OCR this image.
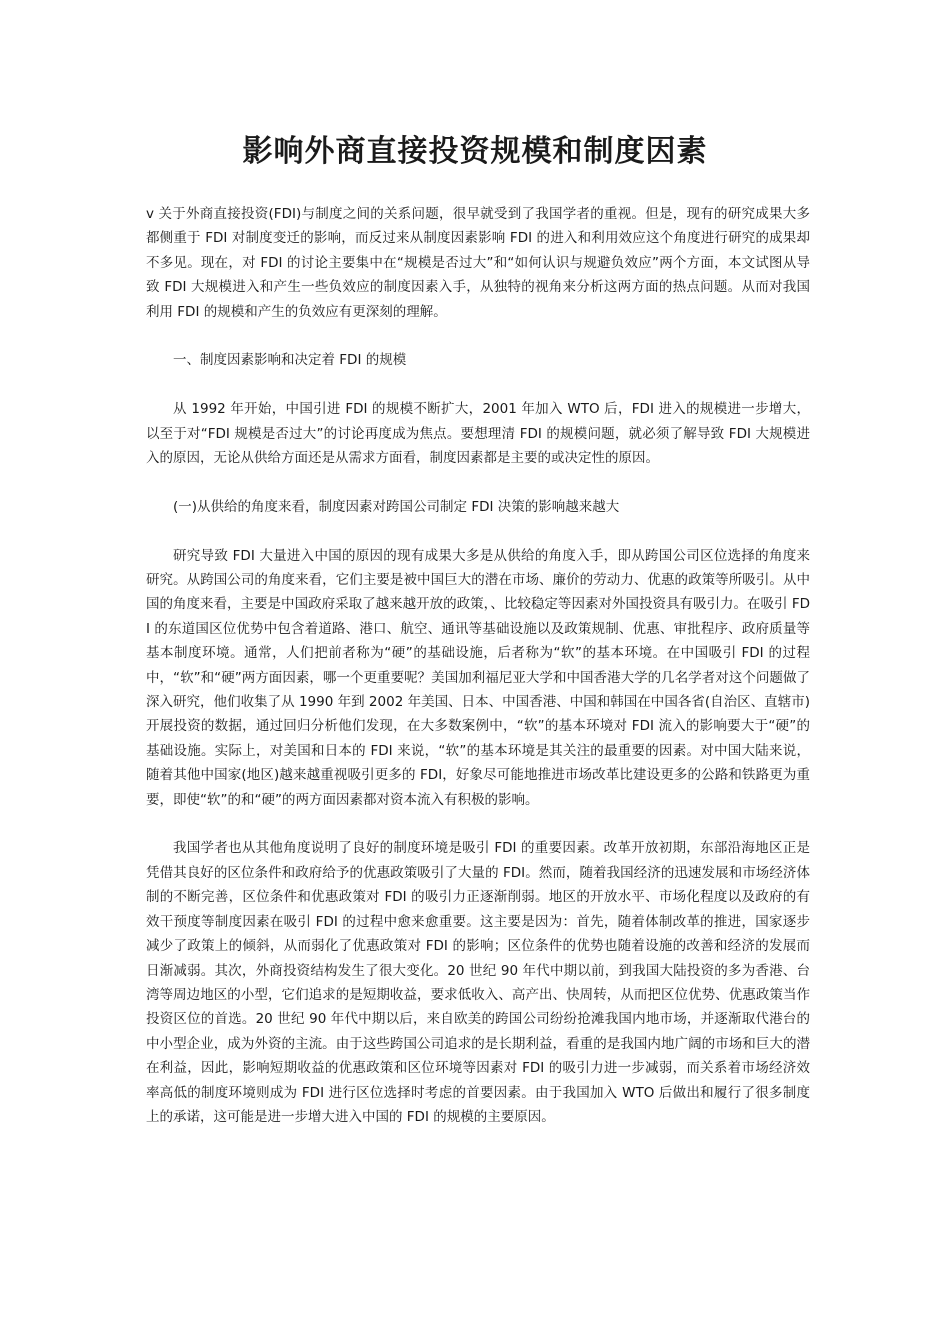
影响外商直接投资规模和制度因素

v 关于外商直接投资(FDI)与制度之间的关系问题，很早就受到了我国学者的重视。但是，现有的研究成果大多都侧重于 FDI 对制度变迁的影响，而反过来从制度因素影响 FDI 的进入和利用效应这个角度进行研究的成果却不多见。现在，对 FDI 的讨论主要集中在“规模是否过大”和“如何认识与规避负效应”两个方面，本文试图从导致 FDI 大规模进入和产生一些负效应的制度因素入手，从独特的视角来分析这两方面的热点问题。从而对我国利用 FDI 的规模和产生的负效应有更深刻的理解。

一、制度因素影响和决定着 FDI 的规模

从 1992 年开始，中国引进 FDI 的规模不断扩大，2001 年加入 WTO 后，FDI 进入的规模进一步增大，以至于对“FDI 规模是否过大”的讨论再度成为焦点。要想理清 FDI 的规模问题，就必须了解导致 FDI 大规模进入的原因，无论从供给方面还是从需求方面看，制度因素都是主要的或决定性的原因。

(一)从供给的角度来看，制度因素对跨国公司制定 FDI 决策的影响越来越大

研究导致 FDI 大量进入中国的原因的现有成果大多是从供给的角度入手，即从跨国公司区位选择的角度来研究。从跨国公司的角度来看，它们主要是被中国巨大的潜在市场、廉价的劳动力、优惠的政策等所吸引。从中国的角度来看，主要是中国政府采取了越来越开放的政策，、比较稳定等因素对外国投资具有吸引力。在吸引 FDI 的东道国区位优势中包含着道路、港口、航空、通讯等基础设施以及政策规制、优惠、审批程序、政府质量等基本制度环境。通常，人们把前者称为“硬”的基础设施，后者称为“软”的基本环境。在中国吸引 FDI 的过程中，“软”和“硬”两方面因素，哪一个更重要呢？美国加利福尼亚大学和中国香港大学的几名学者对这个问题做了深入研究，他们收集了从 1990 年到 2002 年美国、日本、中国香港、中国和韩国在中国各省(自治区、直辖市)开展投资的数据，通过回归分析他们发现，在大多数案例中，“软”的基本环境对 FDI 流入的影响要大于“硬”的基础设施。实际上，对美国和日本的 FDI 来说，“软”的基本环境是其关注的最重要的因素。对中国大陆来说，随着其他中国家(地区)越来越重视吸引更多的 FDI，好象尽可能地推进市场改革比建设更多的公路和铁路更为重要，即使“软”的和“硬”的两方面因素都对资本流入有积极的影响。

我国学者也从其他角度说明了良好的制度环境是吸引 FDI 的重要因素。改革开放初期，东部沿海地区正是凭借其良好的区位条件和政府给予的优惠政策吸引了大量的 FDI。然而，随着我国经济的迅速发展和市场经济体制的不断完善，区位条件和优惠政策对 FDI 的吸引力正逐渐削弱。地区的开放水平、市场化程度以及政府的有效干预度等制度因素在吸引 FDI 的过程中愈来愈重要。这主要是因为：首先，随着体制改革的推进，国家逐步减少了政策上的倾斜，从而弱化了优惠政策对 FDI 的影响；区位条件的优势也随着设施的改善和经济的发展而日渐减弱。其次，外商投资结构发生了很大变化。20 世纪 90 年代中期以前，到我国大陆投资的多为香港、台湾等周边地区的小型，它们追求的是短期收益，要求低收入、高产出、快周转，从而把区位优势、优惠政策当作投资区位的首选。20 世纪 90 年代中期以后，来自欧美的跨国公司纷纷抢滩我国内地市场，并逐渐取代港台的中小型企业，成为外资的主流。由于这些跨国公司追求的是长期利益，看重的是我国内地广阔的市场和巨大的潜在利益，因此，影响短期收益的优惠政策和区位环境等因素对 FDI 的吸引力进一步减弱，而关系着市场经济效率高低的制度环境则成为 FDI 进行区位选择时考虑的首要因素。由于我国加入 WTO 后做出和履行了很多制度上的承诺，这可能是进一步增大进入中国的 FDI 的规模的主要原因。
